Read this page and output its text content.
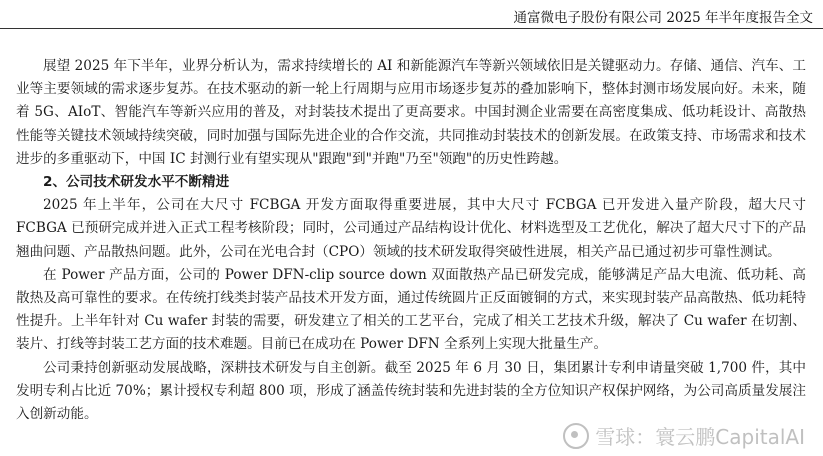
通富微电子股份有限公司 2025 年半年度报告全文

展望 2025 年下半年，业界分析认为，需求持续增长的 AI 和新能源汽车等新兴领域依旧是关键驱动力。存储、通信、汽车、工业等主要领域的需求逐步复苏。在技术驱动的新一轮上行周期与应用市场逐步复苏的叠加影响下，整体封测市场发展向好。未来，随着 5G、AIoT、智能汽车等新兴应用的普及，对封装技术提出了更高要求。中国封测企业需要在高密度集成、低功耗设计、高散热性能等关键技术领域持续突破，同时加强与国际先进企业的合作交流，共同推动封装技术的创新发展。在政策支持、市场需求和技术进步的多重驱动下，中国 IC 封测行业有望实现从"跟跑"到"并跑"乃至"领跑"的历史性跨越。

2、公司技术研发水平不断精进

2025 年上半年，公司在大尺寸 FCBGA 开发方面取得重要进展，其中大尺寸 FCBGA 已开发进入量产阶段，超大尺寸 FCBGA 已预研完成并进入正式工程考核阶段；同时，公司通过产品结构设计优化、材料选型及工艺优化，解决了超大尺寸下的产品翘曲问题、产品散热问题。此外，公司在光电合封（CPO）领域的技术研发取得突破性进展，相关产品已通过初步可靠性测试。

在 Power 产品方面，公司的 Power DFN-clip source down 双面散热产品已研发完成，能够满足产品大电流、低功耗、高散热及高可靠性的要求。在传统打线类封装产品技术开发方面，通过传统圆片正反面镀铜的方式，来实现封装产品高散热、低功耗特性提升。上半年针对 Cu wafer 封装的需要，研发建立了相关的工艺平台，完成了相关工艺技术升级，解决了 Cu wafer 在切割、装片、打线等封装工艺方面的技术难题。目前已在成功在 Power DFN 全系列上实现大批量生产。

公司秉持创新驱动发展战略，深耕技术研发与自主创新。截至 2025 年 6 月 30 日，集团累计专利申请量突破 1,700 件，其中发明专利占比近 70%；累计授权专利超 800 项，形成了涵盖传统封装和先进封装的全方位知识产权保护网络，为公司高质量发展注入创新动能。

雪球：寰云鹏CapitalAI
